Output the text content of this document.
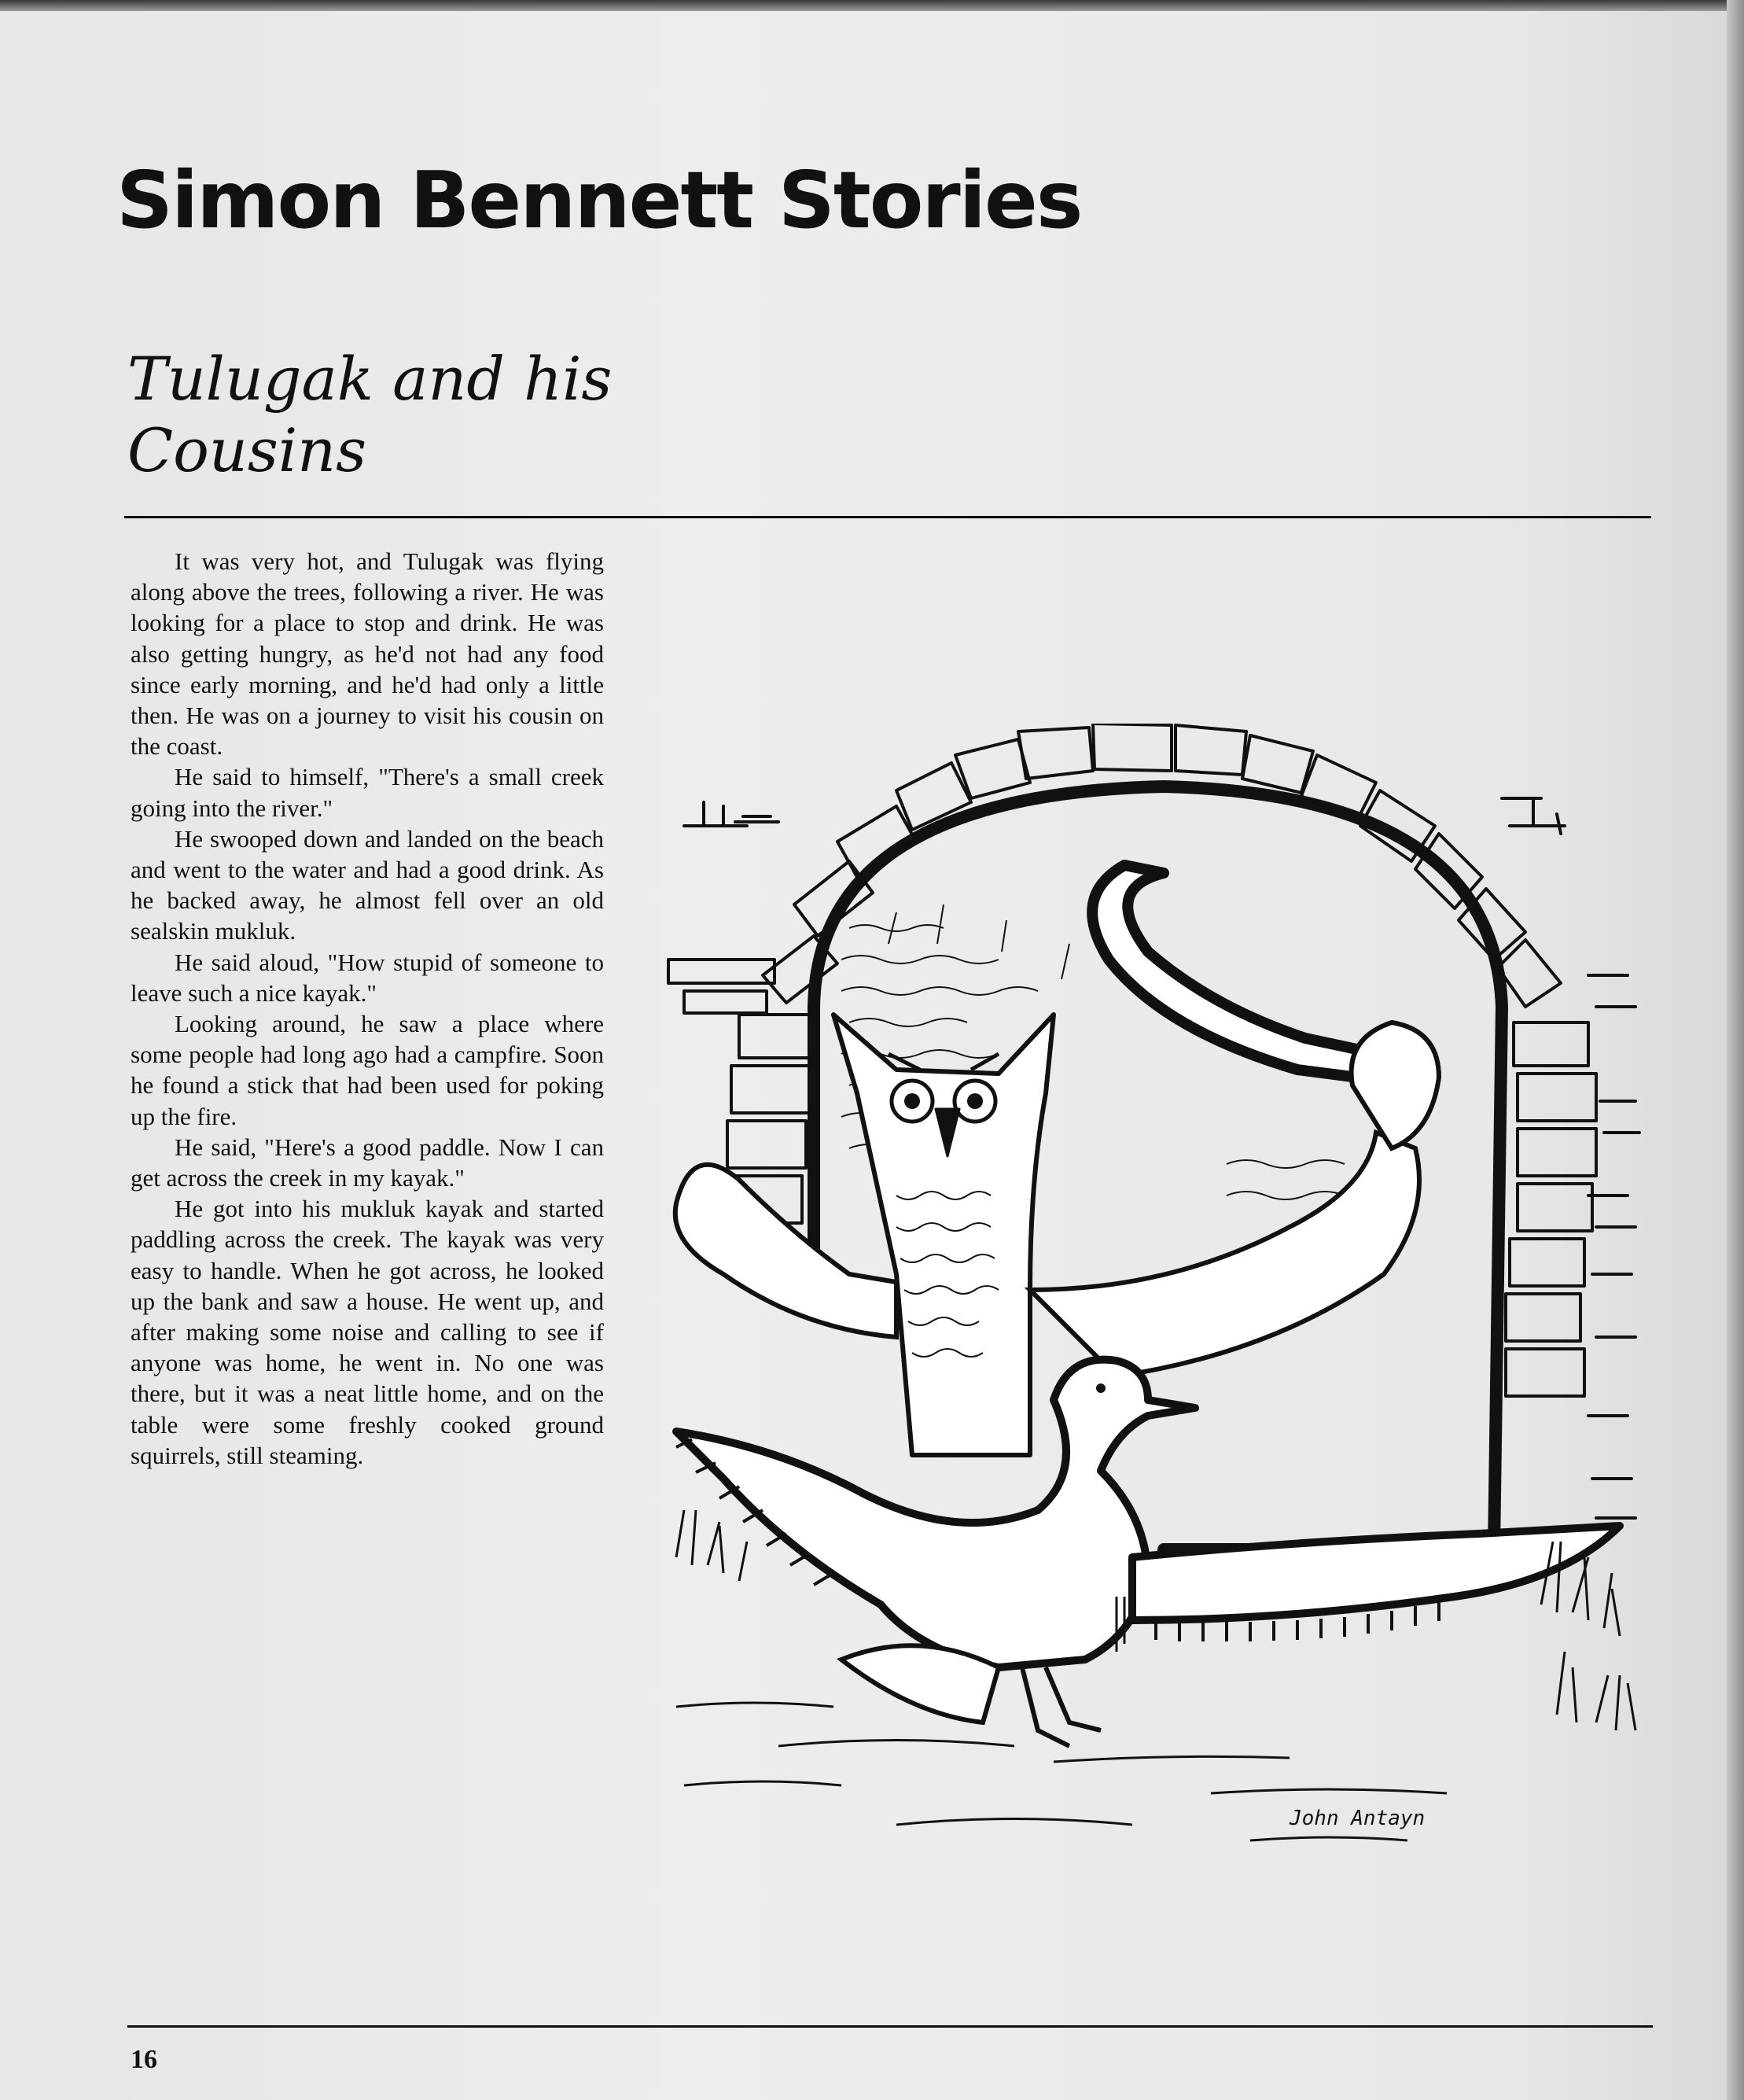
Simon Bennett Stories
Tulugak and his
Cousins

It was very hot, and Tulugak was flying along above the trees, following a river. He was looking for a place to stop and drink. He was also getting hungry, as he'd not had any food since early morning, and he'd had only a little then. He was on a journey to visit his cousin on the coast.

He said to himself, "There's a small creek going into the river."

He swooped down and landed on the beach and went to the water and had a good drink. As he backed away, he almost fell over an old sealskin mukluk.

He said aloud, "How stupid of someone to leave such a nice kayak."

Looking around, he saw a place where some people had long ago had a campfire. Soon he found a stick that had been used for poking up the fire.

He said, "Here's a good paddle. Now I can get across the creek in my kayak."

He got into his mukluk kayak and started paddling across the creek. The kayak was very easy to handle. When he got across, he looked up the bank and saw a house. He went up, and after making some noise and calling to see if anyone was home, he went in. No one was there, but it was a neat little home, and on the table were some freshly cooked ground squirrels, still steaming.

John Antayn
16
